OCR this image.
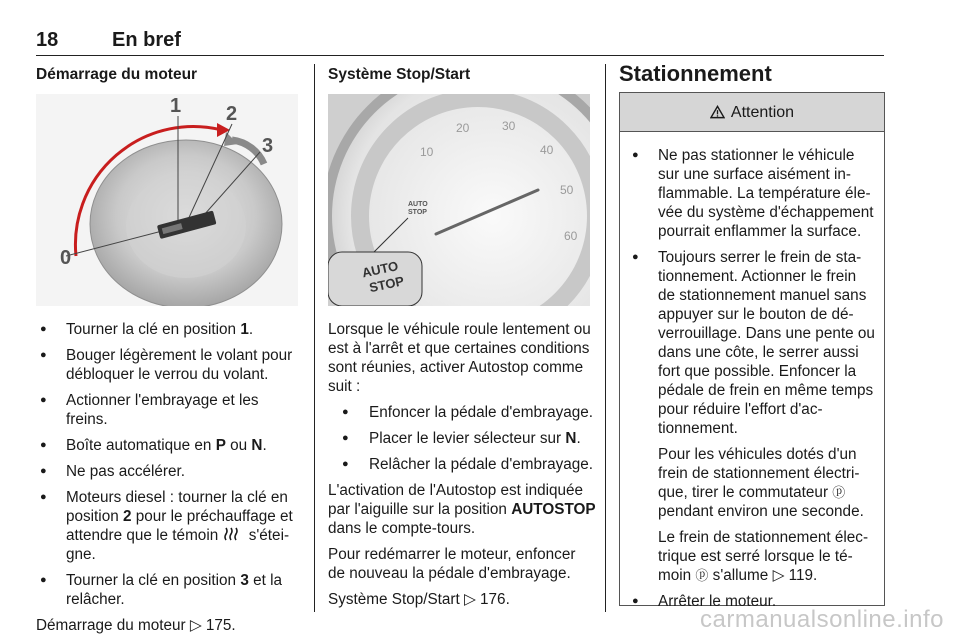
18	En bref
Démarrage du moteur
0
1 2
3
● Tourner la clé en position 1.
● Bouger légèrement le volant pour débloquer le verrou du volant.
● Actionner l'embrayage et les freins.
● Boîte automatique en P ou N.
● Ne pas accélérer.
● Moteurs diesel : tourner la clé en position 2 pour le préchauffage et attendre que le témoin  s'éteigne.
● Tourner la clé en position 3 et la relâcher.

Démarrage du moteur ▷ 175.

Système Stop/Start
10
20	30
40
50
60
AUTO
STOP
AUTO
STOP

Lorsque le véhicule roule lentement ou est à l'arrêt et que certaines conditions sont réunies, activer Autostop comme suit :

● Enfoncer la pédale d'embrayage.
● Placer le levier sélecteur sur N.
● Relâcher la pédale d'embrayage.

L'activation de l'Autostop est indiquée par l'aiguille sur la position AUTOSTOP dans le compte-tours.

Pour redémarrer le moteur, enfoncer de nouveau la pédale d'embrayage.

Système Stop/Start ▷ 176.

Stationnement
Attention
● Ne pas stationner le véhicule sur une surface aisément inflammable. La température élevée du système d'échappement pourrait enflammer la surface.
● Toujours serrer le frein de stationnement. Actionner le frein de stationnement manuel sans appuyer sur le bouton de déverrouillage. Dans une pente ou dans une côte, le serrer aussi fort que possible. Enfoncer la pédale de frein en même temps pour réduire l'effort d'actionnement.

Pour les véhicules dotés d'un frein de stationnement électrique, tirer le commutateur ⓟ pendant environ une seconde.

Le frein de stationnement électrique est serré lorsque le témoin ⓟ s'allume ▷ 119.

● Arrêter le moteur.
carmanualsonline.info
